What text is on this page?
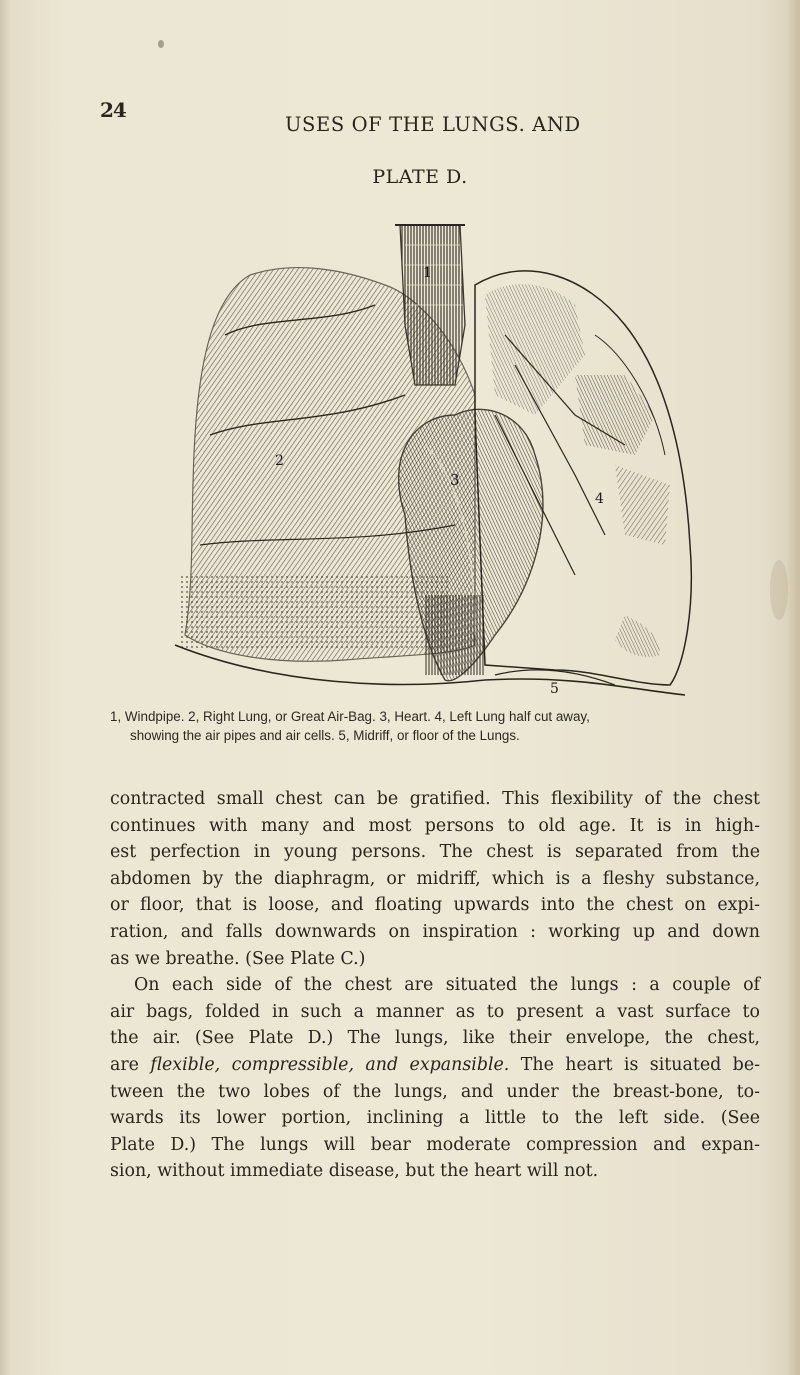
24
USES OF THE LUNGS. AND
PLATE D.
3
4
1
2
5
1, Windpipe. 2, Right Lung, or Great Air-Bag. 3, Heart. 4, Left Lung half cut away,
showing the air pipes and air cells. 5, Midriff, or floor of the Lungs.
contracted small chest can be gratified. This flexibility of the chest
continues with many and most persons to old age. It is in high-
est perfection in young persons. The chest is separated from the
abdomen by the diaphragm, or midriff, which is a fleshy substance,
or floor, that is loose, and floating upwards into the chest on expi-
ration, and falls downwards on inspiration : working up and down
as we breathe. (See Plate C.)
On each side of the chest are situated the lungs : a couple of
air bags, folded in such a manner as to present a vast surface to
the air. (See Plate D.) The lungs, like their envelope, the chest,
are flexible, compressible, and expansible. The heart is situated be-
tween the two lobes of the lungs, and under the breast-bone, to-
wards its lower portion, inclining a little to the left side. (See
Plate D.) The lungs will bear moderate compression and expan-
sion, without immediate disease, but the heart will not.
